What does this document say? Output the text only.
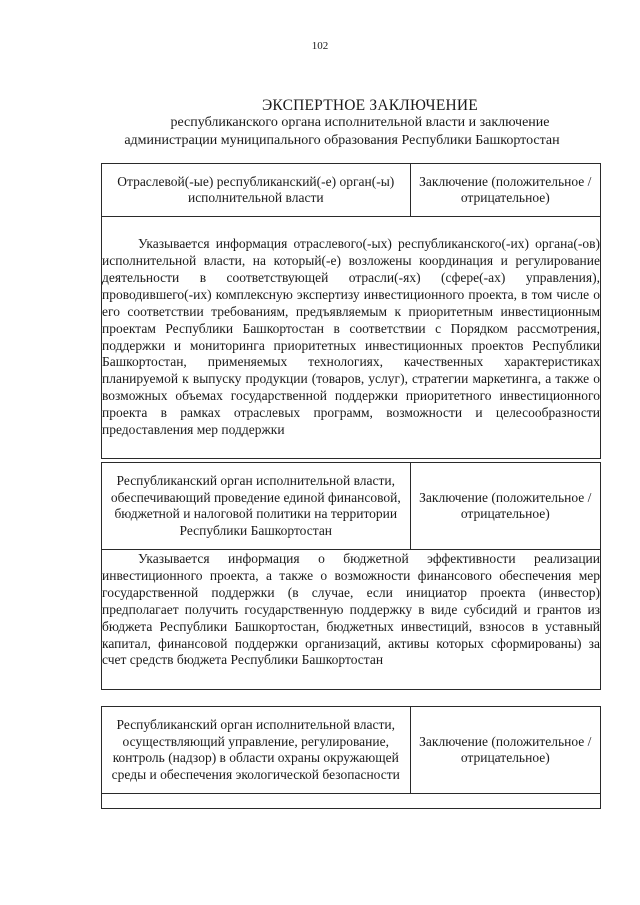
102
ЭКСПЕРТНОЕ ЗАКЛЮЧЕНИЕ
республиканского органа исполнительной власти и заключение
администрации муниципального образования Республики Башкортостан
Отраслевой(-ые) республиканский(-е) орган(-ы) исполнительной власти	Заключение (положительное / отрицательное)
Указывается информация отраслевого(-ых) республиканского(-их) органа(-ов) исполнительной власти, на который(-е) возложены координация и регулирование деятельности в соответствующей отрасли(-ях) (сфере(-ах) управления), проводившего(-их) комплексную экспертизу инвестиционного проекта, в том числе о его соответствии требованиям, предъявляемым к приоритетным инвестиционным проектам Республики Башкортостан в соответствии с Порядком рассмотрения, поддержки и мониторинга приоритетных инвестиционных проектов Республики Башкортостан, применяемых технологиях, качественных характеристиках планируемой к выпуску продукции (товаров, услуг), стратегии маркетинга, а также о возможных объемах государственной поддержки приоритетного инвестиционного проекта в рамках отраслевых программ, возможности и целесообразности предоставления мер поддержки
Республиканский орган исполнительной власти, обеспечивающий проведение единой финансовой, бюджетной и налоговой политики на территории Республики Башкортостан	Заключение (положительное / отрицательное)
Указывается информация о бюджетной эффективности реализации инвестиционного проекта, а также о возможности финансового обеспечения мер государственной поддержки (в случае, если инициатор проекта (инвестор) предполагает получить государственную поддержку в виде субсидий и грантов из бюджета Республики Башкортостан, бюджетных инвестиций, взносов в уставный капитал, финансовой поддержки организаций, активы которых сформированы) за счет средств бюджета Республики Башкортостан
Республиканский орган исполнительной власти, осуществляющий управление, регулирование, контроль (надзор) в области охраны окружающей среды и обеспечения экологической безопасности	Заключение (положительное / отрицательное)
